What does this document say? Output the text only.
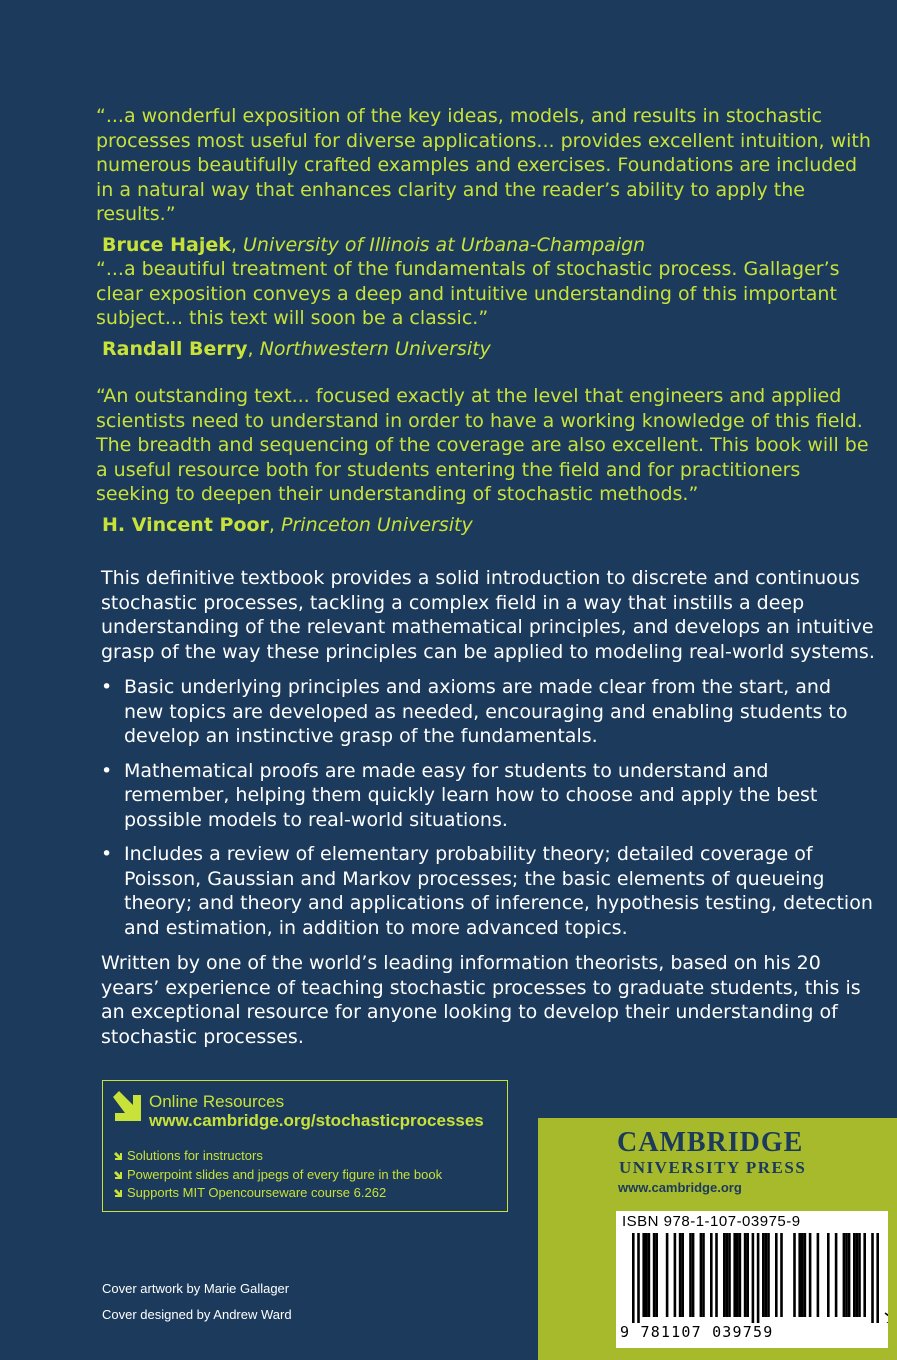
“...a wonderful exposition of the key ideas, models, and results in stochastic processes most useful for diverse applications... provides excellent intuition, with numerous beautifully crafted examples and exercises. Foundations are included in a natural way that enhances clarity and the reader’s ability to apply the results.”

Bruce Hajek, University of Illinois at Urbana-Champaign

“...a beautiful treatment of the fundamentals of stochastic process. Gallager’s clear exposition conveys a deep and intuitive understanding of this important subject... this text will soon be a classic.”

Randall Berry, Northwestern University

“An outstanding text... focused exactly at the level that engineers and applied scientists need to understand in order to have a working knowledge of this field. The breadth and sequencing of the coverage are also excellent. This book will be a useful resource both for students entering the field and for practitioners seeking to deepen their understanding of stochastic methods.”

H. Vincent Poor, Princeton University

This definitive textbook provides a solid introduction to discrete and continuous stochastic processes, tackling a complex field in a way that instills a deep understanding of the relevant mathematical principles, and develops an intuitive grasp of the way these principles can be applied to modeling real-world systems.

• Basic underlying principles and axioms are made clear from the start, and new topics are developed as needed, encouraging and enabling students to develop an instinctive grasp of the fundamentals.
• Mathematical proofs are made easy for students to understand and remember, helping them quickly learn how to choose and apply the best possible models to real-world situations.
• Includes a review of elementary probability theory; detailed coverage of Poisson, Gaussian and Markov processes; the basic elements of queueing theory; and theory and applications of inference, hypothesis testing, detection and estimation, in addition to more advanced topics.

Written by one of the world’s leading information theorists, based on his 20 years’ experience of teaching stochastic processes to graduate students, this is an exceptional resource for anyone looking to develop their understanding of stochastic processes.

Online Resources
www.cambridge.org/stochasticprocesses
Solutions for instructors
Powerpoint slides and jpegs of every figure in the book
Supports MIT Opencourseware course 6.262
Cover artwork by Marie Gallager
Cover designed by Andrew Ward
CAMBRIDGE
UNIVERSITY PRESS
www.cambridge.org
ISBN 978-1-107-03975-9
9 781107 039759
